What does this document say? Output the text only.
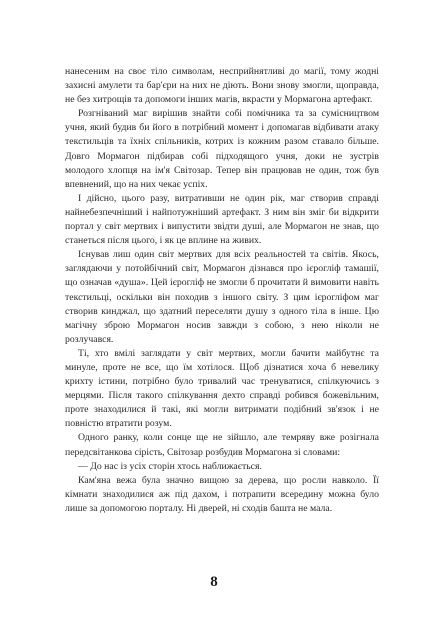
нанесеним на своє тіло символам, несприйнятливі до магії, тому жодні захисні амулети та бар'єри на них не діють. Вони знову змогли, щоправда, не без хитрощів та допомоги інших магів, вкрасти у Мормагона артефакт.

Розгніваний маг вирішив знайти собі помічника та за сумісництвом учня, який будив би його в потрібний момент і допомагав відбивати атаку текстильців та їхніх спільників, котрих із кожним разом ставало більше. Довго Мормагон підбирав собі підходящого учня, доки не зустрів молодого хлопця на ім'я Світозар. Тепер він працював не один, тож був впевнений, що на них чекає успіх.

І дійсно, цього разу, витративши не один рік, маг створив справді найнебезпечніший і найпотужніший артефакт. З ним він зміг би відкрити портал у світ мертвих і випустити звідти душі, але Мормагон не знав, що станеться після цього, і як це вплине на живих.

Існував лиш один світ мертвих для всіх реальностей та світів. Якось, заглядаючи у потойбічний світ, Мормагон дізнався про ієрогліф тамашії, що означав «душа». Цей ієрогліф не змогли б прочитати й вимовити навіть текстильці, оскільки він походив з іншого світу. З цим ієрогліфом маг створив кинджал, що здатний переселяти душу з одного тіла в інше. Цю магічну зброю Мормагон носив завжди з собою, з нею ніколи не розлучався.

Ті, хто вмілі заглядати у світ мертвих, могли бачити майбутнє та минуле, проте не все, що їм хотілося. Щоб дізнатися хоча б невелику крихту істини, потрібно було тривалий час тренуватися, спілкуючись з мерцями. Після такого спілкування дехто справді робився божевільним, проте знаходилися й такі, які могли витримати подібний зв'язок і не повністю втратити розум.

Одного ранку, коли сонце ще не зійшло, але темряву вже розігнала передсвітанкова сірість, Світозар розбудив Мормагона зі словами:

— До нас із усіх сторін хтось наближається.

Кам'яна вежа була значно вищою за дерева, що росли навколо. Її кімнати знаходилися аж під дахом, і потрапити всередину можна було лише за допомогою порталу. Ні дверей, ні сходів башта не мала.

8
